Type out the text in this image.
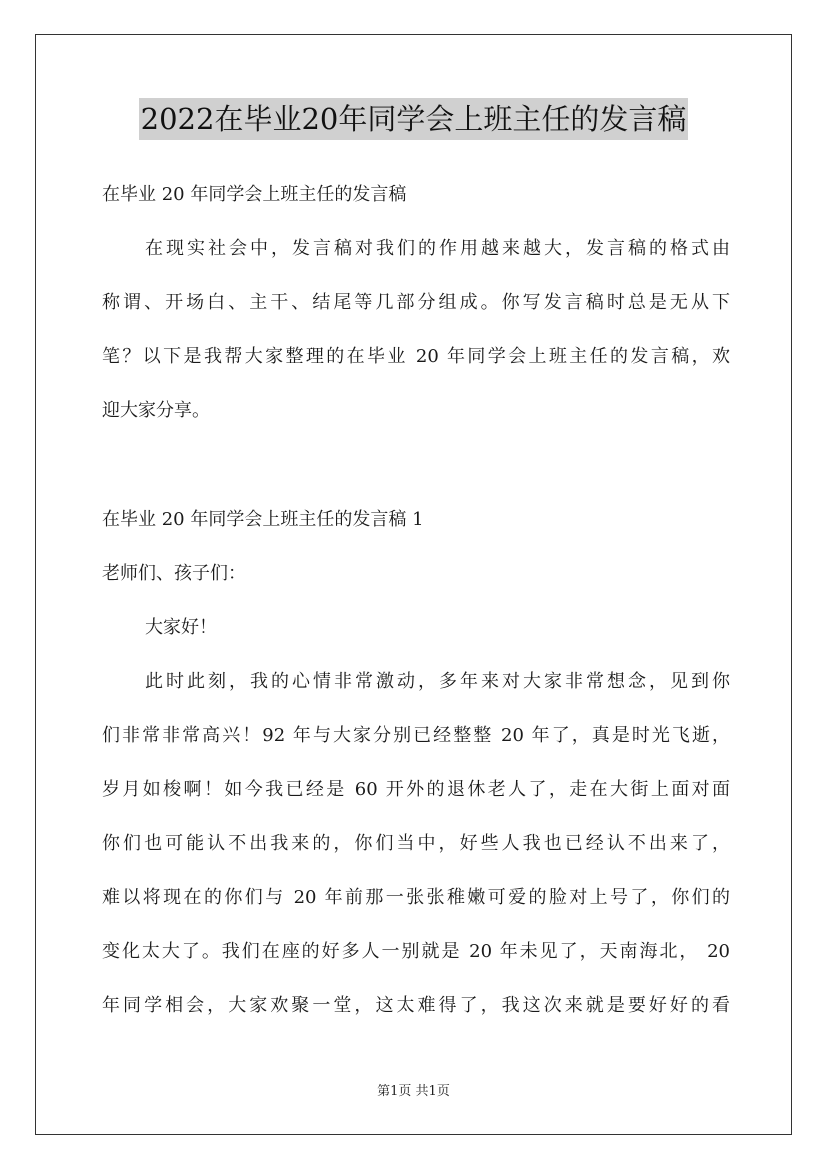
2022在毕业20年同学会上班主任的发言稿
在毕业 20 年同学会上班主任的发言稿
在现实社会中，发言稿对我们的作用越来越大，发言稿的格式由
称谓、开场白、主干、结尾等几部分组成。你写发言稿时总是无从下
笔？以下是我帮大家整理的在毕业 20 年同学会上班主任的发言稿，欢
迎大家分享。
在毕业 20 年同学会上班主任的发言稿 1
老师们、孩子们：
大家好！
此时此刻，我的心情非常激动，多年来对大家非常想念，见到你
们非常非常高兴！92 年与大家分别已经整整 20 年了，真是时光飞逝，
岁月如梭啊！如今我已经是 60 开外的退休老人了，走在大街上面对面
你们也可能认不出我来的，你们当中，好些人我也已经认不出来了，
难以将现在的你们与 20 年前那一张张稚嫩可爱的脸对上号了，你们的
变化太大了。我们在座的好多人一别就是 20 年未见了，天南海北， 20
年同学相会，大家欢聚一堂，这太难得了，我这次来就是要好好的看
第1页 共1页
